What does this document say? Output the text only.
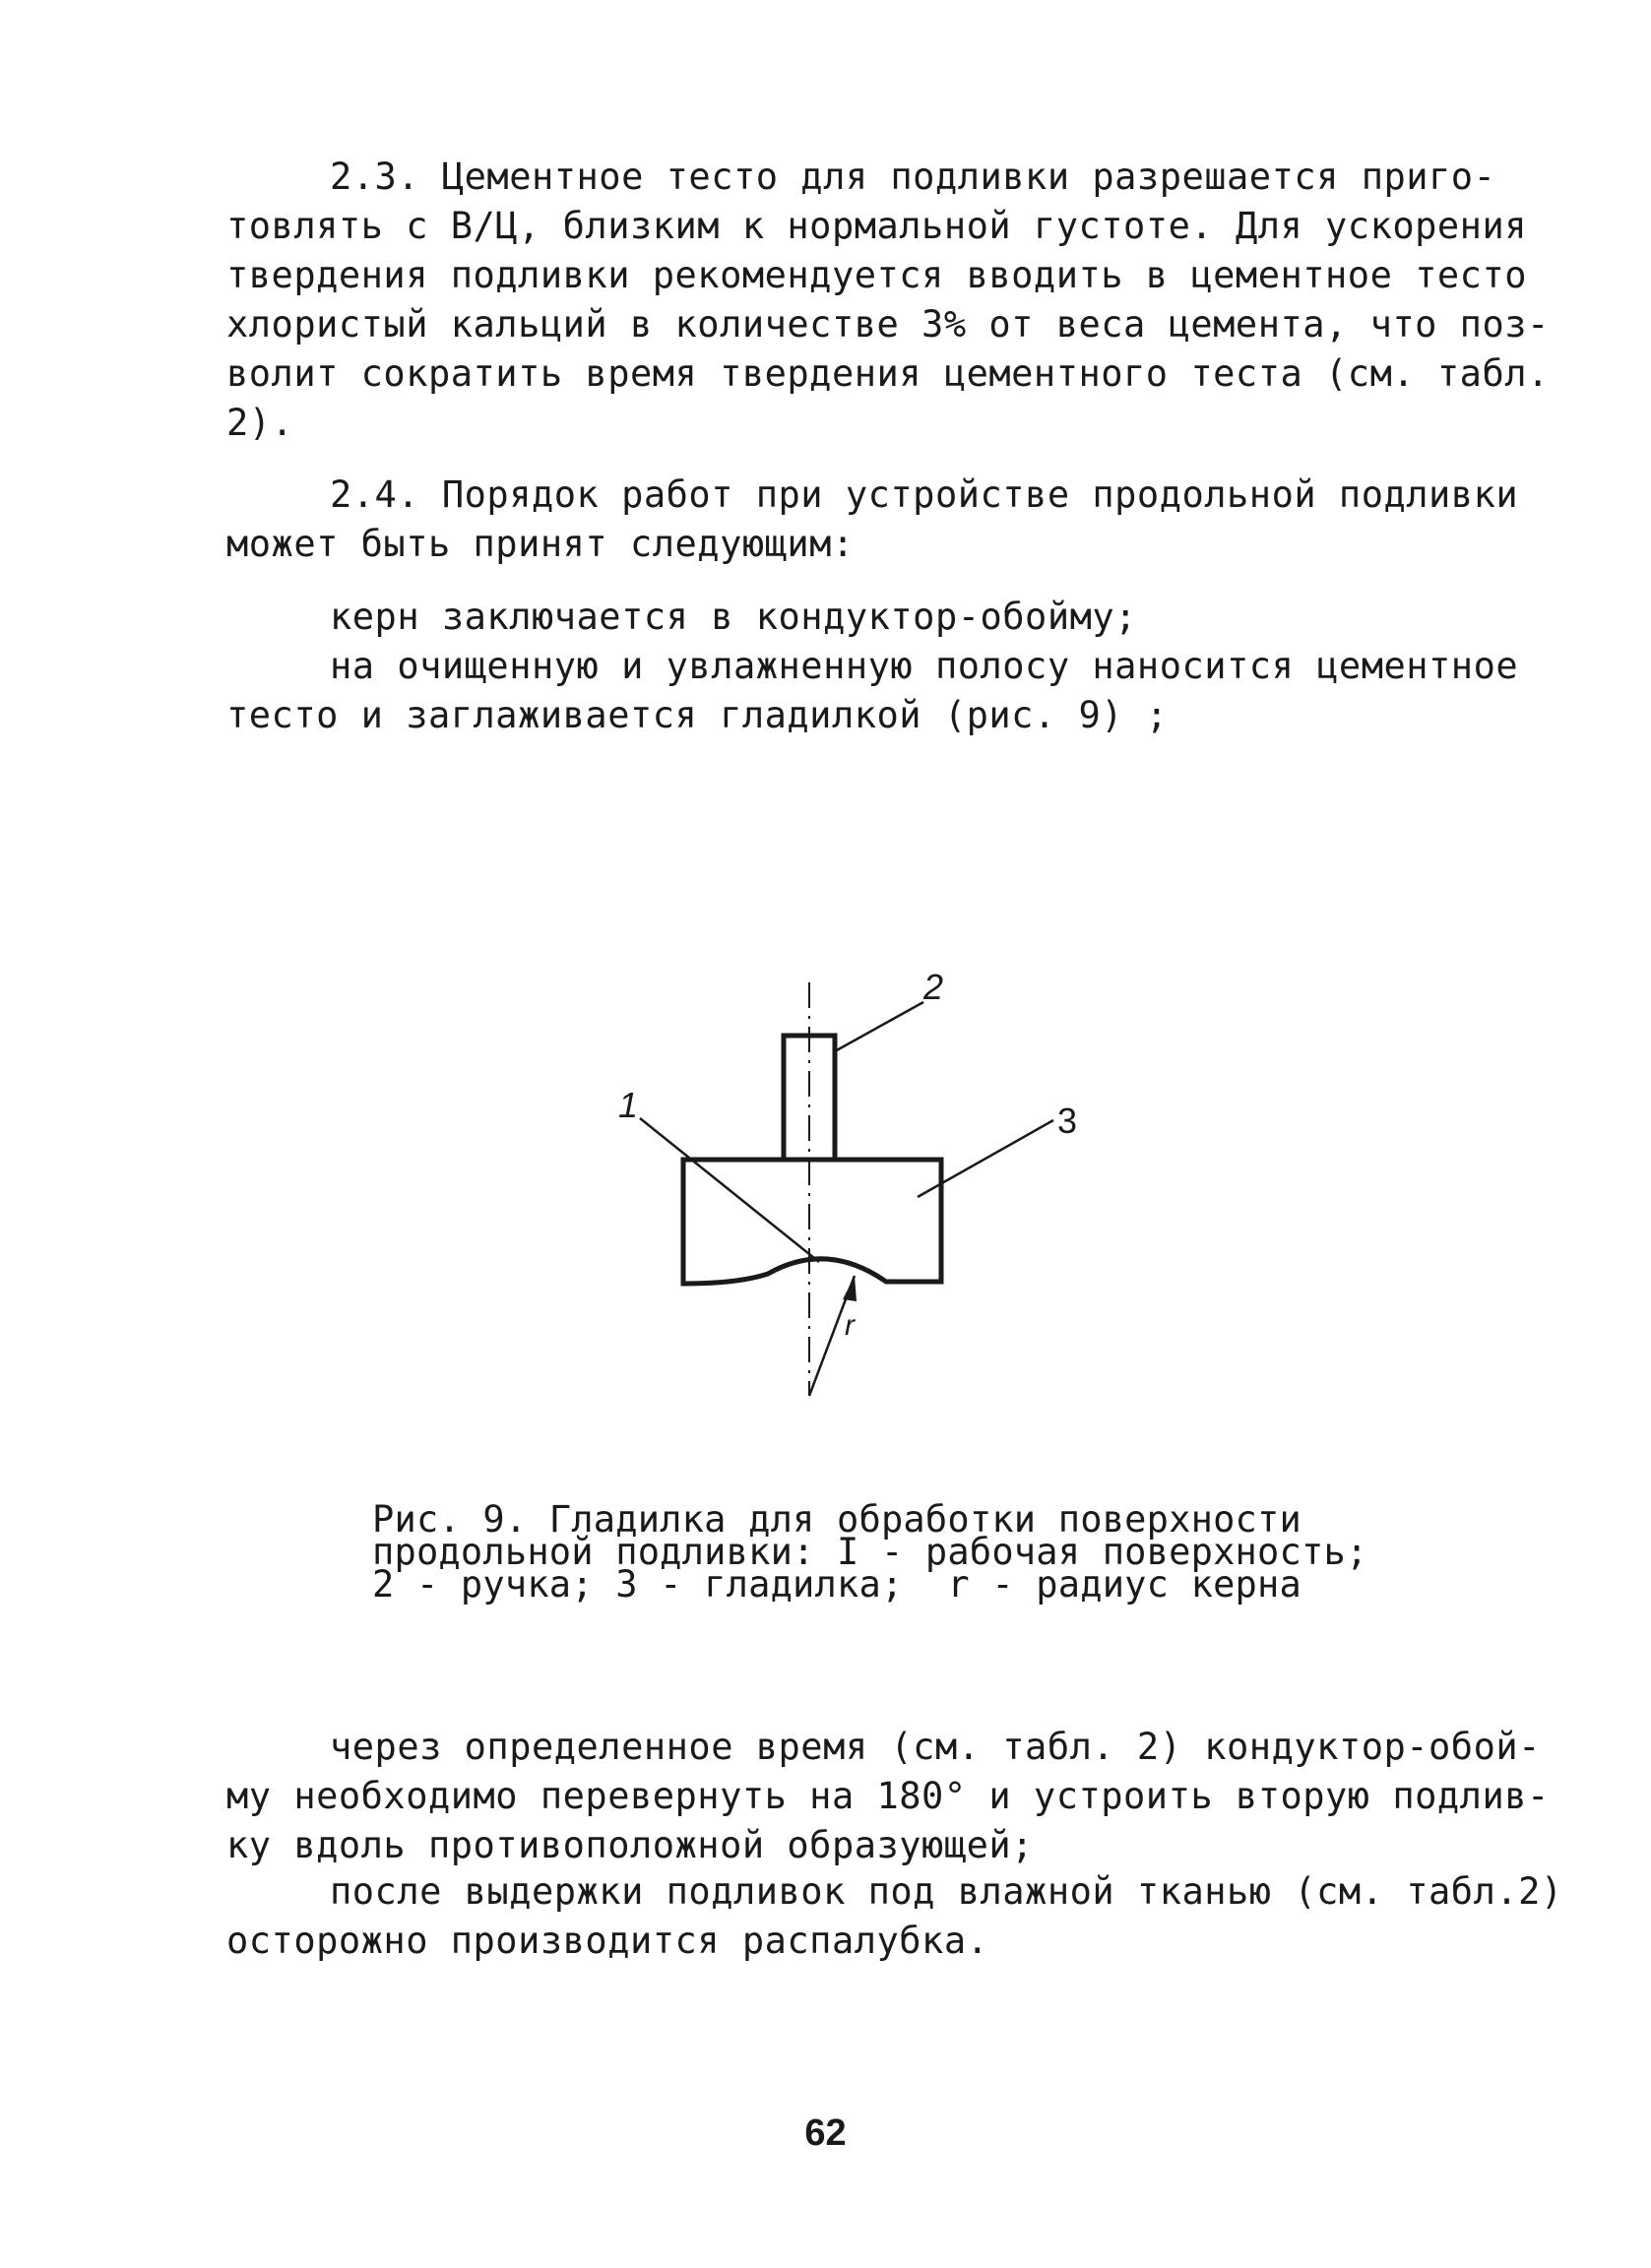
2.3. Цементное тесто для подливки разрешается приго-
товлять с В/Ц, близким к нормальной густоте. Для ускорения
твердения подливки рекомендуется вводить в цементное тесто
хлористый кальций в количестве 3% от веса цемента, что поз-
волит сократить время твердения цементного теста (см. табл.
2).
2.4. Порядок работ при устройстве продольной подливки
может быть принят следующим:
керн заключается в кондуктор-обойму;
на очищенную и увлажненную полосу наносится цементное
тесто и заглаживается гладилкой (рис. 9) ;
2
3
1
r
Рис. 9. Гладилка для обработки поверхности
продольной подливки: I - рабочая поверхность;
2 - ручка; 3 - гладилка;  r - радиус керна
через определенное время (см. табл. 2) кондуктор-обой-
му необходимо перевернуть на 180° и устроить вторую подлив-
ку вдоль противоположной образующей;
после выдержки подливок под влажной тканью (см. табл.2)
осторожно производится распалубка.
62
